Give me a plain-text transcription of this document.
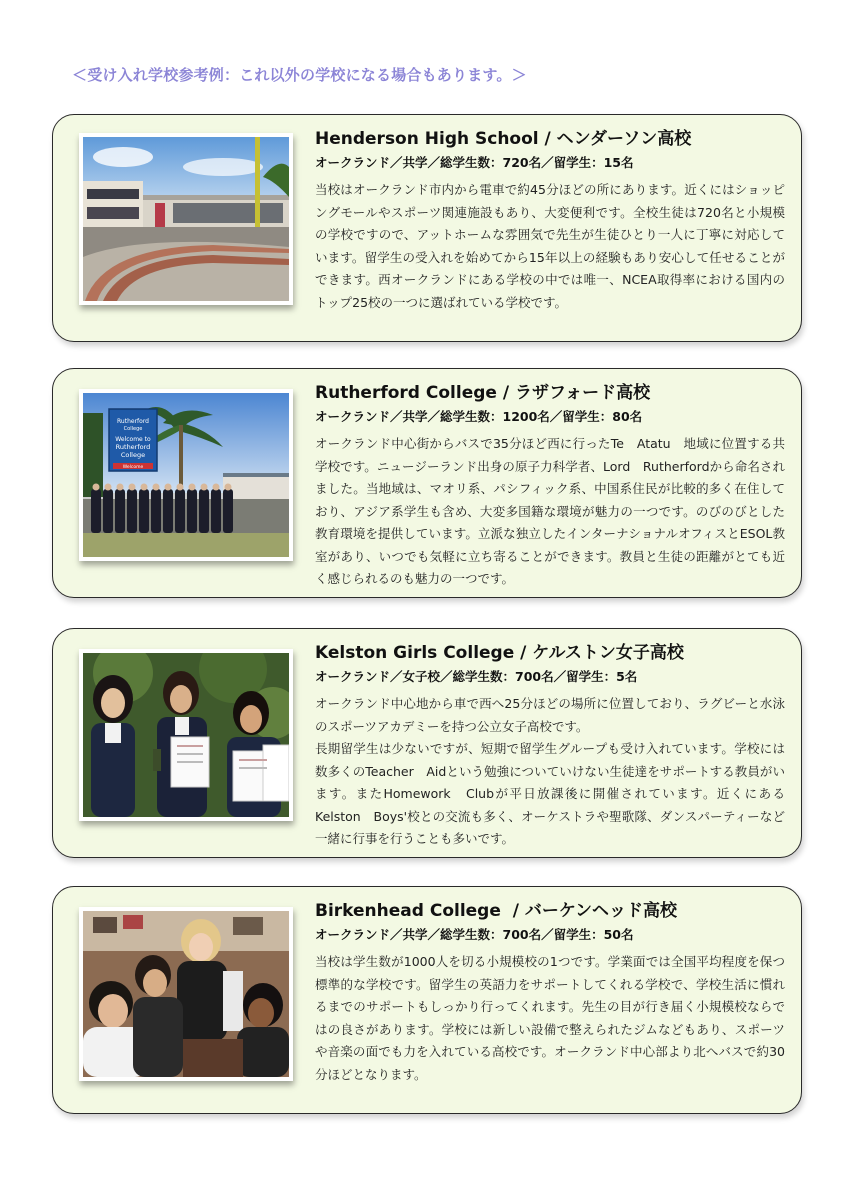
＜受け入れ学校参考例：これ以外の学校になる場合もあります。＞

Henderson High School / ヘンダーソン高校

オークランド／共学／総学生数：720名／留学生：15名

当校はオークランド市内から電車で約45分ほどの所にあります。近くにはショッピングモールやスポーツ関連施設もあり、大変便利です。全校生徒は720名と小規模の学校ですので、アットホームな雰囲気で先生が生徒ひとり一人に丁寧に対応しています。留学生の受入れを始めてから15年以上の経験もあり安心して任せることができます。西オークランドにある学校の中では唯一、NCEA取得率における国内のトップ25校の一つに選ばれている学校です。

Rutherford
College
Welcome to
Rutherford
College
Welcome

Rutherford College / ラザフォード高校

オークランド／共学／総学生数：1200名／留学生：80名

オークランド中心街からバスで35分ほど西に行ったTe　Atatu　地域に位置する共学校です。ニュージーランド出身の原子力科学者、Lord　Rutherfordから命名されました。当地域は、マオリ系、パシフィック系、中国系住民が比較的多く在住しており、アジア系学生も含め、大変多国籍な環境が魅力の一つです。のびのびとした教育環境を提供しています。立派な独立したインターナショナルオフィスとESOL教室があり、いつでも気軽に立ち寄ることができます。教員と生徒の距離がとても近く感じられるのも魅力の一つです。

Kelston Girls College / ケルストン女子高校

オークランド／女子校／総学生数：700名／留学生：5名

オークランド中心地から車で西へ25分ほどの場所に位置しており、ラグビーと水泳のスポーツアカデミーを持つ公立女子高校です。
長期留学生は少ないですが、短期で留学生グループも受け入れています。学校には数多くのTeacher　Aidという勉強についていけない生徒達をサポートする教員がいます。またHomework　Clubが平日放課後に開催されています。近くにあるKelston　Boys'校との交流も多く、オーケストラや聖歌隊、ダンスパーティーなど一緒に行事を行うことも多いです。

Birkenhead College  / バーケンヘッド高校

オークランド／共学／総学生数：700名／留学生：50名

当校は学生数が1000人を切る小規模校の1つです。学業面では全国平均程度を保つ標準的な学校です。留学生の英語力をサポートしてくれる学校で、学校生活に慣れるまでのサポートもしっかり行ってくれます。先生の目が行き届く小規模校ならではの良さがあります。学校には新しい設備で整えられたジムなどもあり、スポーツや音楽の面でも力を入れている高校です。オークランド中心部より北へバスで約30分ほどとなります。
